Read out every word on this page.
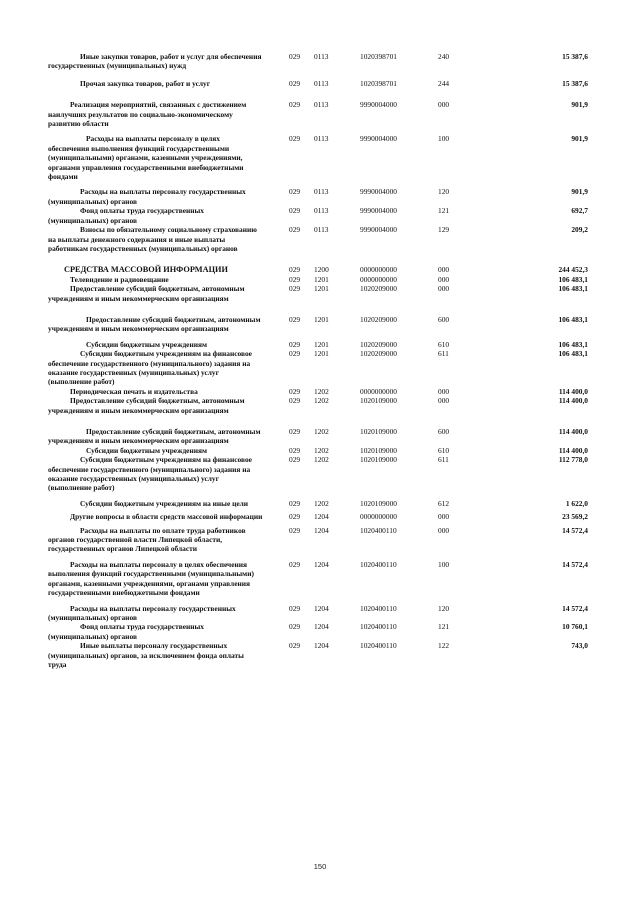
Иные закупки товаров, работ и услуг для обеспечения государственных (муниципальных) нужд	029	0113	1020398701	240	15 387,6

Прочая закупка товаров, работ и услуг	029	0113	1020398701	244	15 387,6

Реализация мероприятий, связанных с достижением наилучших результатов по социально-экономическому развитию области	029	0113	9990004000	000	901,9

Расходы на выплаты персоналу в целях обеспечения выполнения функций государственными (муниципальными) органами, казенными учреждениями, органами управления государственными внебюджетными фондами	029	0113	9990004000	100	901,9

Расходы на выплаты персоналу государственных (муниципальных) органов	029	0113	9990004000	120	901,9

Фонд оплаты труда государственных (муниципальных) органов	029	0113	9990004000	121	692,7

Взносы по обязательному социальному страхованию на выплаты денежного содержания и иные выплаты работникам государственных (муниципальных) органов	029	0113	9990004000	129	209,2

СРЕДСТВА МАССОВОЙ ИНФОРМАЦИИ	029	1200	0000000000	000	244 452,3

Телевидение и радиовещание	029	1201	0000000000	000	106 483,1

Предоставление субсидий бюджетным, автономным учреждениям и иным некоммерческим организациям	029	1201	1020209000	000	106 483,1

Предоставление субсидий бюджетным, автономным учреждениям и иным некоммерческим организациям	029	1201	1020209000	600	106 483,1

Субсидии бюджетным учреждениям	029	1201	1020209000	610	106 483,1

Субсидии бюджетным учреждениям на финансовое обеспечение государственного (муниципального) задания на оказание государственных (муниципальных) услуг (выполнение работ)	029	1201	1020209000	611	106 483,1

Периодическая печать и издательства	029	1202	0000000000	000	114 400,0

Предоставление субсидий бюджетным, автономным учреждениям и иным некоммерческим организациям	029	1202	1020109000	000	114 400,0

Предоставление субсидий бюджетным, автономным учреждениям и иным некоммерческим организациям	029	1202	1020109000	600	114 400,0

Субсидии бюджетным учреждениям	029	1202	1020109000	610	114 400,0

Субсидии бюджетным учреждениям на финансовое обеспечение государственного (муниципального) задания на оказание государственных (муниципальных) услуг (выполнение работ)	029	1202	1020109000	611	112 778,0

Субсидии бюджетным учреждениям на иные цели	029	1202	1020109000	612	1 622,0

Другие вопросы в области средств массовой информации	029	1204	0000000000	000	23 569,2

Расходы на выплаты по оплате труда работников органов государственной власти Липецкой области, государственных органов Липецкой области	029	1204	1020400110	000	14 572,4

Расходы на выплаты персоналу в целях обеспечения выполнения функций государственными (муниципальными) органами, казенными учреждениями, органами управления государственными внебюджетными фондами	029	1204	1020400110	100	14 572,4

Расходы на выплаты персоналу государственных (муниципальных) органов	029	1204	1020400110	120	14 572,4

Фонд оплаты труда государственных (муниципальных) органов	029	1204	1020400110	121	10 760,1

Иные выплаты персоналу государственных (муниципальных) органов, за исключением фонда оплаты труда	029	1204	1020400110	122	743,0
150
